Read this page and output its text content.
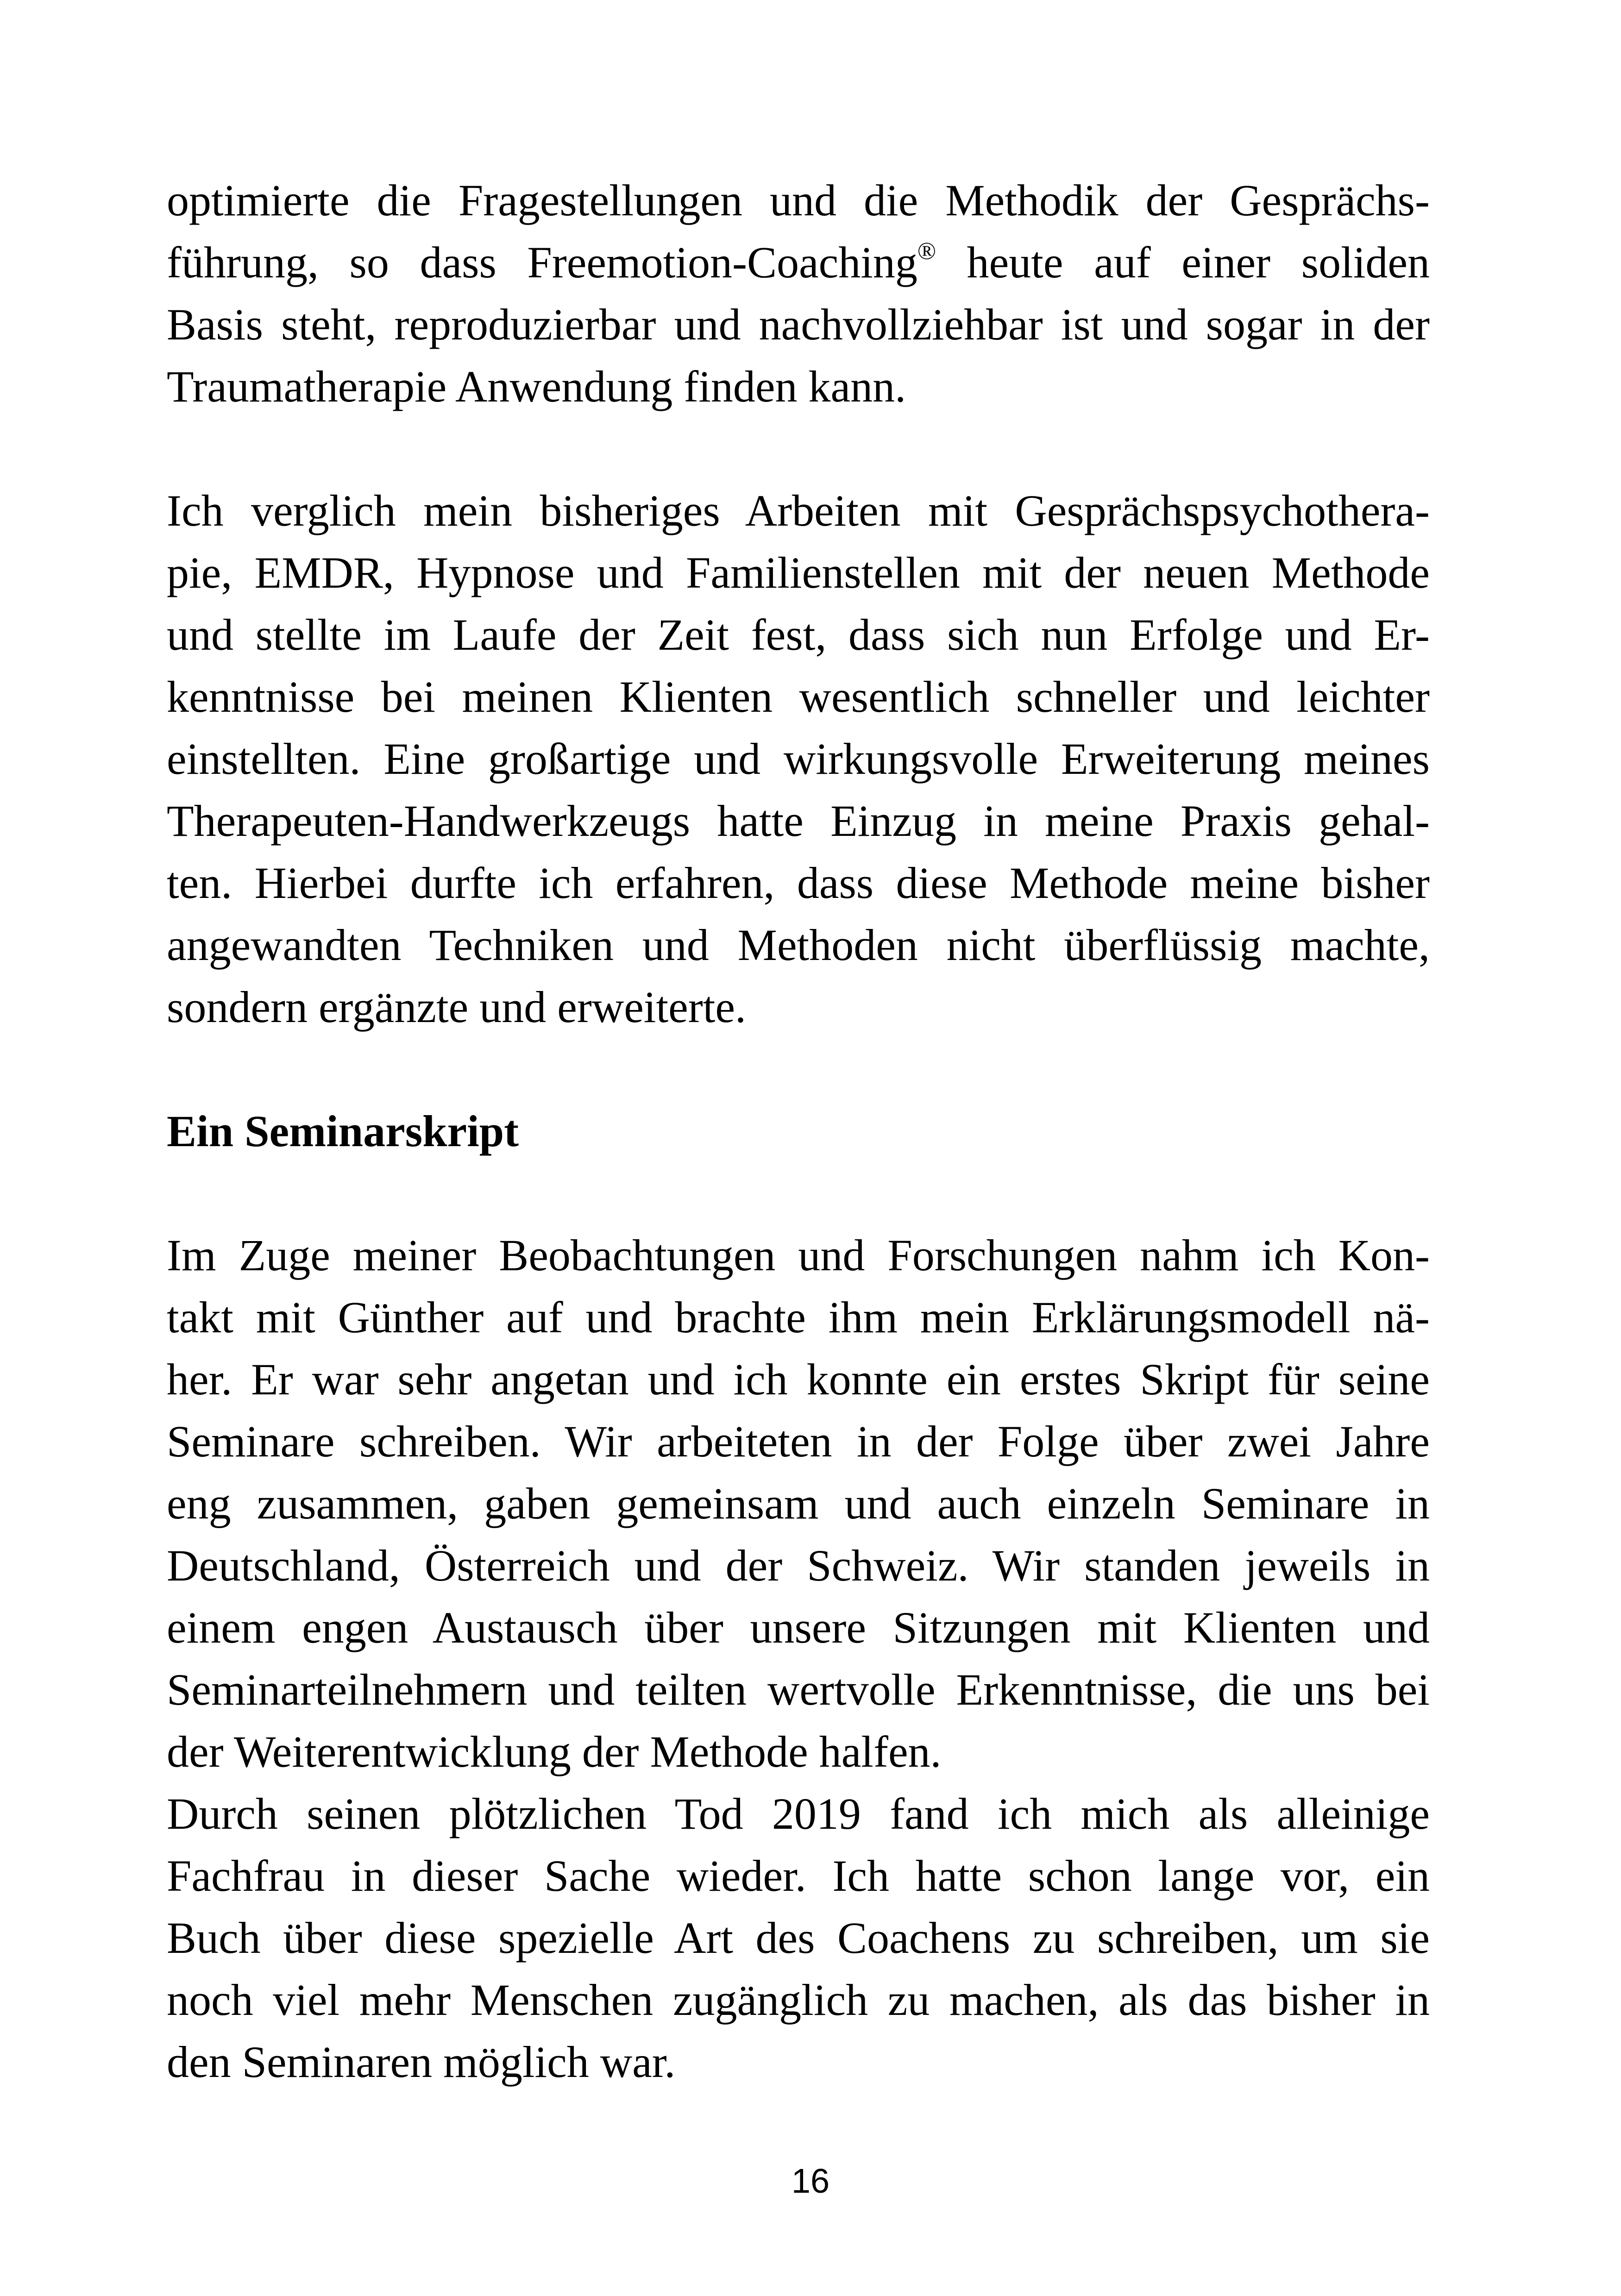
optimierte die Fragestellungen und die Methodik der Gesprächs-
führung, so dass Freemotion-Coaching® heute auf einer soliden
Basis steht, reproduzierbar und nachvollziehbar ist und sogar in der
Traumatherapie Anwendung finden kann.
Ich verglich mein bisheriges Arbeiten mit Gesprächspsychothera-
pie, EMDR, Hypnose und Familienstellen mit der neuen Methode
und stellte im Laufe der Zeit fest, dass sich nun Erfolge und Er-
kenntnisse bei meinen Klienten wesentlich schneller und leichter
einstellten. Eine großartige und wirkungsvolle Erweiterung meines
Therapeuten-Handwerkzeugs hatte Einzug in meine Praxis gehal-
ten. Hierbei durfte ich erfahren, dass diese Methode meine bisher
angewandten Techniken und Methoden nicht überflüssig machte,
sondern ergänzte und erweiterte.
Ein Seminarskript
Im Zuge meiner Beobachtungen und Forschungen nahm ich Kon-
takt mit Günther auf und brachte ihm mein Erklärungsmodell nä-
her. Er war sehr angetan und ich konnte ein erstes Skript für seine
Seminare schreiben. Wir arbeiteten in der Folge über zwei Jahre
eng zusammen, gaben gemeinsam und auch einzeln Seminare in
Deutschland, Österreich und der Schweiz. Wir standen jeweils in
einem engen Austausch über unsere Sitzungen mit Klienten und
Seminarteilnehmern und teilten wertvolle Erkenntnisse, die uns bei
der Weiterentwicklung der Methode halfen.
Durch seinen plötzlichen Tod 2019 fand ich mich als alleinige
Fachfrau in dieser Sache wieder. Ich hatte schon lange vor, ein
Buch über diese spezielle Art des Coachens zu schreiben, um sie
noch viel mehr Menschen zugänglich zu machen, als das bisher in
den Seminaren möglich war.
16
